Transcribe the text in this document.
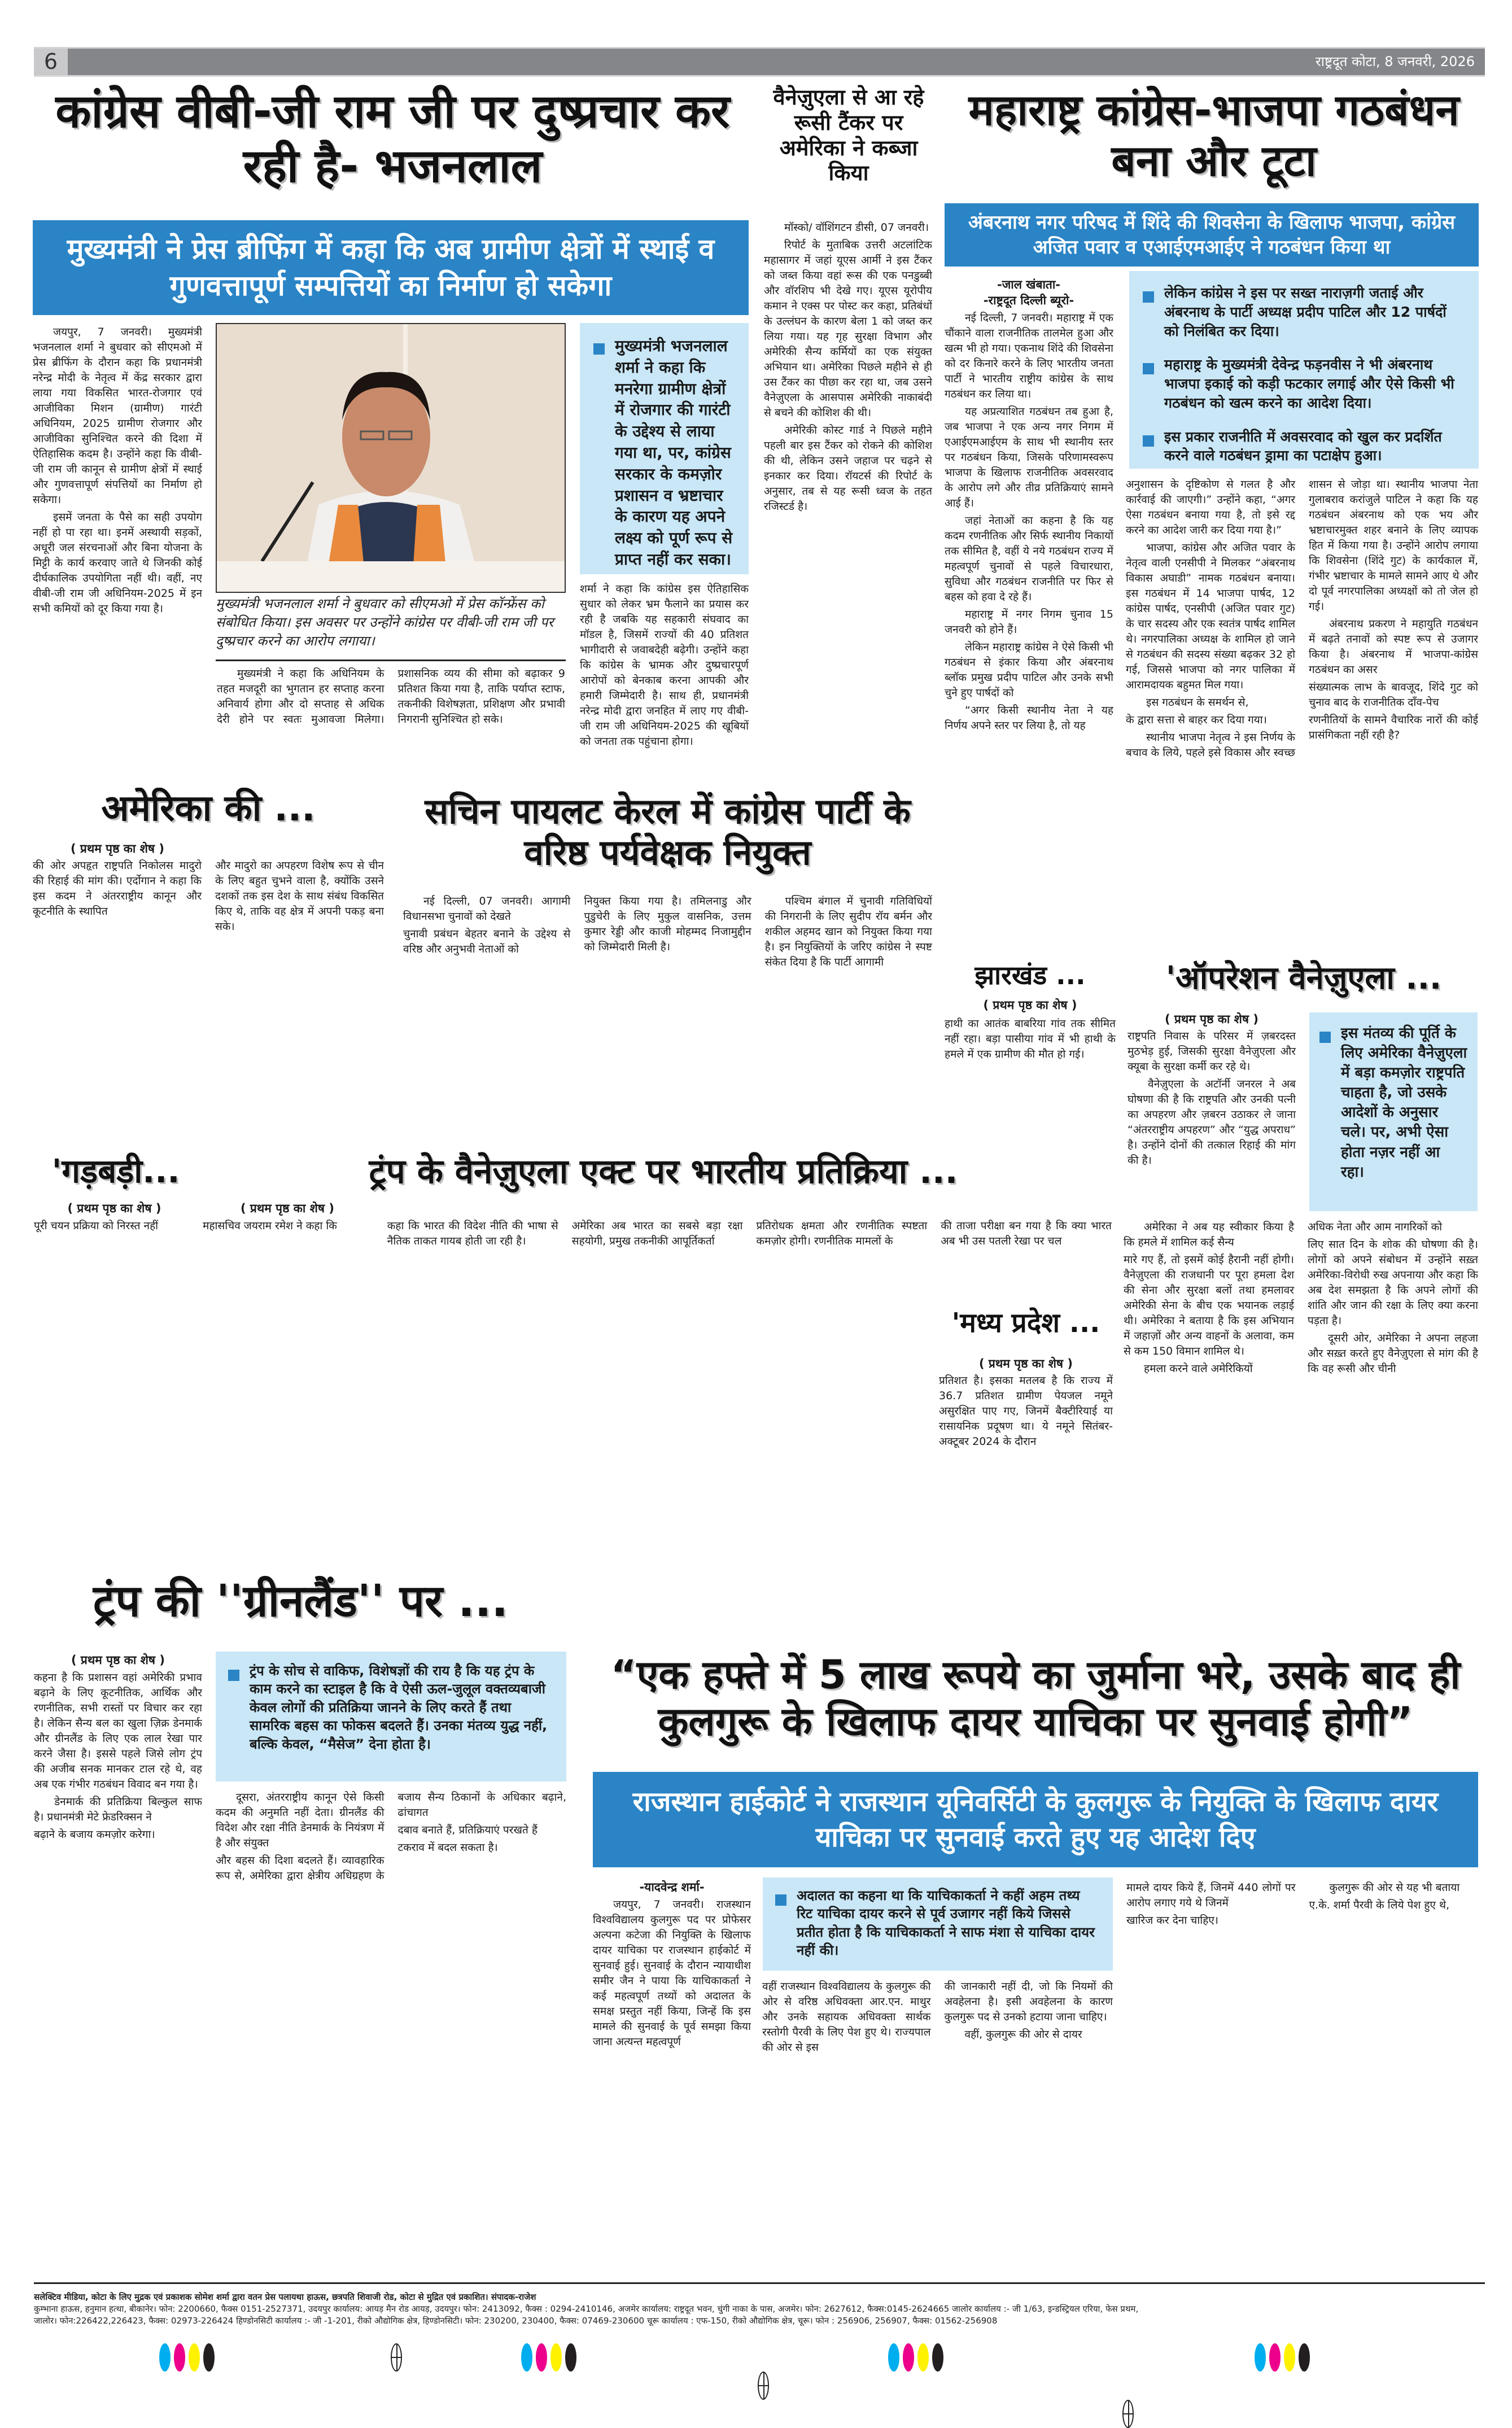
6	राष्ट्रदूत कोटा, 8 जनवरी, 2026
कांग्रेस वीबी-जी राम जी पर दुष्प्रचार कर रही है- भजनलाल
मुख्यमंत्री ने प्रेस ब्रीफिंग में कहा कि अब ग्रामीण क्षेत्रों में स्थाई व गुणवत्तापूर्ण सम्पत्तियों का निर्माण हो सकेगा

जयपुर, 7 जनवरी। मुख्यमंत्री भजनलाल शर्मा ने बुधवार को सीएमओ में प्रेस ब्रीफिंग के दौरान कहा कि प्रधानमंत्री नरेन्द्र मोदी के नेतृत्व में केंद्र सरकार द्वारा लाया गया विकसित भारत-रोजगार एवं आजीविका मिशन (ग्रामीण) गारंटी अधिनियम, 2025 ग्रामीण रोजगार और आजीविका सुनिश्चित करने की दिशा में ऐतिहासिक कदम है। उन्होंने कहा कि वीबी-जी राम जी कानून से ग्रामीण क्षेत्रों में स्थाई और गुणवत्तापूर्ण संपत्तियों का निर्माण हो सकेगा।

इसमें जनता के पैसे का सही उपयोग नहीं हो पा रहा था। इनमें अस्थायी सड़कों, अधूरी जल संरचनाओं और बिना योजना के मिट्टी के कार्य करवाए जाते थे जिनकी कोई दीर्घकालिक उपयोगिता नहीं थी। वहीं, नए वीबी-जी राम जी अधिनियम-2025 में इन सभी कमियों को दूर किया गया है।	मुख्यमंत्री भजनलाल शर्मा ने बुधवार को सीएमओ में प्रेस कॉन्फ्रेंस को संबोधित किया। इस अवसर पर उन्होंने कांग्रेस पर वीबी-जी राम जी पर दुष्प्रचार करने का आरोप लगाया।
मुख्यमंत्री भजनलाल शर्मा ने कहा कि मनरेगा ग्रामीण क्षेत्रों में रोजगार की गारंटी के उद्देश्य से लाया गया था, पर, कांग्रेस सरकार के कमज़ोर प्रशासन व भ्रष्टाचार के कारण यह अपने लक्ष्य को पूर्ण रूप से प्राप्त नहीं कर सका।

मुख्यमंत्री ने कहा कि अधिनियम के तहत मजदूरी का भुगतान हर सप्ताह करना अनिवार्य होगा और दो सप्ताह से अधिक देरी होने पर स्वतः मुआवजा मिलेगा। प्रशासनिक व्यय की सीमा को बढ़ाकर 9 प्रतिशत किया गया है, ताकि पर्याप्त स्टाफ, तकनीकी विशेषज्ञता, प्रशिक्षण और प्रभावी निगरानी सुनिश्चित हो सके।

शर्मा ने कहा कि कांग्रेस इस ऐतिहासिक सुधार को लेकर भ्रम फैलाने का प्रयास कर रही है जबकि यह सहकारी संघवाद का मॉडल है, जिसमें राज्यों की 40 प्रतिशत भागीदारी से जवाबदेही बढ़ेगी। उन्होंने कहा कि कांग्रेस के भ्रामक और दुष्प्रचारपूर्ण आरोपों को बेनकाब करना आपकी और हमारी जिम्मेदारी है। साथ ही, प्रधानमंत्री नरेन्द्र मोदी द्वारा जनहित में लाए गए वीबी-जी राम जी अधिनियम-2025 की खूबियों को जनता तक पहुंचाना होगा।

वैनेज़ुएला से आ रहे रूसी टैंकर पर अमेरिका ने कब्जा किया

मॉस्को/ वॉशिंगटन डीसी, 07 जनवरी।

रिपोर्ट के मुताबिक उत्तरी अटलांटिक महासागर में जहां यूएस आर्मी ने इस टैंकर को जब्त किया वहां रूस की एक पनडुब्बी और वॉरशिप भी देखे गए। यूएस यूरोपीय कमान ने एक्स पर पोस्ट कर कहा, प्रतिबंधों के उल्लंघन के कारण बेला 1 को जब्त कर लिया गया। यह गृह सुरक्षा विभाग और अमेरिकी सैन्य कर्मियों का एक संयुक्त अभियान था। अमेरिका पिछले महीने से ही उस टैंकर का पीछा कर रहा था, जब उसने वैनेज़ुएला के आसपास अमेरिकी नाकाबंदी से बचने की कोशिश की थी।

अमेरिकी कोस्ट गार्ड ने पिछले महीने पहली बार इस टैंकर को रोकने की कोशिश की थी, लेकिन उसने जहाज पर चढ़ने से इनकार कर दिया। रॉयटर्स की रिपोर्ट के अनुसार, तब से यह रूसी ध्वज के तहत रजिस्टर्ड है।

महाराष्ट्र कांग्रेस-भाजपा गठबंधन बना और टूटा
अंबरनाथ नगर परिषद में शिंदे की शिवसेना के खिलाफ भाजपा, कांग्रेस अजित पवार व एआईएमआईए ने गठबंधन किया था
-जाल खंबाता-
-राष्ट्रदूत दिल्ली ब्यूरो-	लेकिन कांग्रेस ने इस पर सख्त नाराज़गी जताई और अंबरनाथ के पार्टी अध्यक्ष प्रदीप पाटिल और 12 पार्षदों को निलंबित कर दिया।
महाराष्ट्र के मुख्यमंत्री देवेन्द्र फड़नवीस ने भी अंबरनाथ भाजपा इकाई को कड़ी फटकार लगाई और ऐसे किसी भी गठबंधन को खत्म करने का आदेश दिया।
इस प्रकार राजनीति में अवसरवाद को खुल कर प्रदर्शित करने वाले गठबंधन ड्रामा का पटाक्षेप हुआ।

नई दिल्ली, 7 जनवरी। महाराष्ट्र में एक चौंकाने वाला राजनीतिक तालमेल हुआ और खत्म भी हो गया। एकनाथ शिंदे की शिवसेना को दर किनारे करने के लिए भारतीय जनता पार्टी ने भारतीय राष्ट्रीय कांग्रेस के साथ गठबंधन कर लिया था।

यह अप्रत्याशित गठबंधन तब हुआ है, जब भाजपा ने एक अन्य नगर निगम में एआईएमआईएम के साथ भी स्थानीय स्तर पर गठबंधन किया, जिसके परिणामस्वरूप भाजपा के खिलाफ राजनीतिक अवसरवाद के आरोप लगे और तीव्र प्रतिक्रियाएं सामने आई हैं।

जहां नेताओं का कहना है कि यह कदम रणनीतिक और सिर्फ स्थानीय निकायों तक सीमित है, वहीं ये नये गठबंधन राज्य में महत्वपूर्ण चुनावों से पहले विचारधारा, सुविधा और गठबंधन राजनीति पर फिर से बहस को हवा दे रहे हैं।

महाराष्ट्र में नगर निगम चुनाव 15 जनवरी को होने हैं।

लेकिन महाराष्ट्र कांग्रेस ने ऐसे किसी भी गठबंधन से इंकार किया और अंबरनाथ ब्लॉक प्रमुख प्रदीप पाटिल और उनके सभी चुने हुए पार्षदों को

“अगर किसी स्थानीय नेता ने यह निर्णय अपने स्तर पर लिया है, तो यह

अनुशासन के दृष्टिकोण से गलत है और कार्रवाई की जाएगी।” उन्होंने कहा, “अगर ऐसा गठबंधन बनाया गया है, तो इसे रद्द करने का आदेश जारी कर दिया गया है।”

भाजपा, कांग्रेस और अजित पवार के नेतृत्व वाली एनसीपी ने मिलकर “अंबरनाथ विकास अघाडी” नामक गठबंधन बनाया। इस गठबंधन में 14 भाजपा पार्षद, 12 कांग्रेस पार्षद, एनसीपी (अजित पवार गुट) के चार सदस्य और एक स्वतंत्र पार्षद शामिल थे। नगरपालिका अध्यक्ष के शामिल हो जाने से गठबंधन की सदस्य संख्या बढ़कर 32 हो गई, जिससे भाजपा को नगर पालिका में आरामदायक बहुमत मिल गया।

इस गठबंधन के समर्थन से,

के द्वारा सत्ता से बाहर कर दिया गया।

स्थानीय भाजपा नेतृत्व ने इस निर्णय के बचाव के लिये, पहले इसे विकास और स्वच्छ शासन से जोड़ा था। स्थानीय भाजपा नेता गुलाबराव करांजुले पाटिल ने कहा कि यह गठबंधन अंबरनाथ को एक भय और भ्रष्टाचारमुक्त शहर बनाने के लिए व्यापक हित में किया गया है। उन्होंने आरोप लगाया कि शिवसेना (शिंदे गुट) के कार्यकाल में, गंभीर भ्रष्टाचार के मामले सामने आए थे और दो पूर्व नगरपालिका अध्यक्षों को तो जेल हो गई।

अंबरनाथ प्रकरण ने महायुति गठबंधन में बढ़ते तनावों को स्पष्ट रूप से उजागर किया है। अंबरनाथ में भाजपा-कांग्रेस गठबंधन का असर

संख्यात्मक लाभ के बावजूद, शिंदे गुट को चुनाव बाद के राजनीतिक दाँव-पेच

रणनीतियों के सामने वैचारिक नारों की कोई प्रासंगिकता नहीं रही है?

अमेरिका की ...
( प्रथम पृष्ठ का शेष )

की ओर अपहृत राष्ट्रपति निकोलस मादुरो की रिहाई की मांग की। एर्दोगान ने कहा कि इस कदम ने अंतरराष्ट्रीय कानून और कूटनीति के स्थापित

और मादुरो का अपहरण विशेष रूप से चीन के लिए बहुत चुभने वाला है, क्योंकि उसने दशकों तक इस देश के साथ संबंध विकसित किए थे, ताकि वह क्षेत्र में अपनी पकड़ बना सके।

सचिन पायलट केरल में कांग्रेस पार्टी के वरिष्ठ पर्यवेक्षक नियुक्त

नई दिल्ली, 07 जनवरी। आगामी विधानसभा चुनावों को देखते

चुनावी प्रबंधन बेहतर बनाने के उद्देश्य से वरिष्ठ और अनुभवी नेताओं को

नियुक्त किया गया है। तमिलनाडु और पुडुचेरी के लिए मुकुल वासनिक, उत्तम कुमार रेड्डी और काजी मोहम्मद निजामुद्दीन को जिम्मेदारी मिली है।

पश्चिम बंगाल में चुनावी गतिविधियों की निगरानी के लिए सुदीप रॉय बर्मन और शकील अहमद खान को नियुक्त किया गया है। इन नियुक्तियों के जरिए कांग्रेस ने स्पष्ट संकेत दिया है कि पार्टी आगामी	झारखंड ...
( प्रथम पृष्ठ का शेष )

हाथी का आतंक बाबरिया गांव तक सीमित नहीं रहा। बड़ा पासीया गांव में भी हाथी के हमले में एक ग्रामीण की मौत हो गई।

'ऑपरेशन वैनेज़ुएला ...
( प्रथम पृष्ठ का शेष )

राष्ट्रपति निवास के परिसर में ज़बरदस्त मुठभेड़ हुई, जिसकी सुरक्षा वैनेज़ुएला और क्यूबा के सुरक्षा कर्मी कर रहे थे।

वैनेज़ुएला के अटॉर्नी जनरल ने अब घोषणा की है कि राष्ट्रपति और उनकी पत्नी का अपहरण और ज़बरन उठाकर ले जाना “अंतरराष्ट्रीय अपहरण” और “युद्ध अपराध” है। उन्होंने दोनों की तत्काल रिहाई की मांग की है।

इस मंतव्य की पूर्ति के लिए अमेरिका वैनेज़ुएला में बड़ा कमज़ोर राष्ट्रपति चाहता है, जो उसके आदेशों के अनुसार चले। पर, अभी ऐसा होता नज़र नहीं आ रहा।

अमेरिका ने अब यह स्वीकार किया है कि हमले में शामिल कई सैन्य

मारे गए हैं, तो इसमें कोई हैरानी नहीं होगी। वैनेज़ुएला की राजधानी पर पूरा हमला देश की सेना और सुरक्षा बलों तथा हमलावर अमेरिकी सेना के बीच एक भयानक लड़ाई थी। अमेरिका ने बताया है कि इस अभियान में जहाज़ों और अन्य वाहनों के अलावा, कम से कम 150 विमान शामिल थे।

हमला करने वाले अमेरिकियों

अधिक नेता और आम नागरिकों को

लिए सात दिन के शोक की घोषणा की है। लोगों को अपने संबोधन में उन्होंने सख़्त अमेरिका-विरोधी रुख अपनाया और कहा कि अब देश समझता है कि अपने लोगों की शांति और जान की रक्षा के लिए क्या करना पड़ता है।

दूसरी ओर, अमेरिका ने अपना लहजा और सख़्त करते हुए वैनेज़ुएला से मांग की है कि वह रूसी और चीनी

'गड़बड़ी...
( प्रथम पृष्ठ का शेष )

पूरी चयन प्रक्रिया को निरस्त नहीं

ट्रंप के वैनेज़ुएला एक्ट पर भारतीय प्रतिक्रिया ...
( प्रथम पृष्ठ का शेष )

महासचिव जयराम रमेश ने कहा कि	कहा कि भारत की विदेश नीति की भाषा से नैतिक ताकत गायब होती जा रही है।

अमेरिका अब भारत का सबसे बड़ा रक्षा सहयोगी, प्रमुख तकनीकी आपूर्तिकर्ता

प्रतिरोधक क्षमता और रणनीतिक स्पष्टता कमज़ोर होगी। रणनीतिक मामलों के

की ताजा परीक्षा बन गया है कि क्या भारत अब भी उस पतली रेखा पर चल

'मध्य प्रदेश ...
( प्रथम पृष्ठ का शेष )

प्रतिशत है। इसका मतलब है कि राज्य में 36.7 प्रतिशत ग्रामीण पेयजल नमूने असुरक्षित पाए गए, जिनमें बैक्टीरियाई या रासायनिक प्रदूषण था। ये नमूने सितंबर-अक्टूबर 2024 के दौरान

ट्रंप की ''ग्रीनलैंड'' पर ...
( प्रथम पृष्ठ का शेष )

कहना है कि प्रशासन वहां अमेरिकी प्रभाव बढ़ाने के लिए कूटनीतिक, आर्थिक और रणनीतिक, सभी रास्तों पर विचार कर रहा है। लेकिन सैन्य बल का खुला ज़िक्र डेनमार्क और ग्रीनलैंड के लिए एक लाल रेखा पार करने जैसा है। इससे पहले जिसे लोग ट्रंप की अजीब सनक मानकर टाल रहे थे, वह अब एक गंभीर गठबंधन विवाद बन गया है।

डेनमार्क की प्रतिक्रिया बिल्कुल साफ है। प्रधानमंत्री मेटे फ्रेडरिक्सन ने

बढ़ाने के बजाय कमज़ोर करेगा।

ट्रंप के सोच से वाकिफ, विशेषज्ञों की राय है कि यह ट्रंप के काम करने का स्टाइल है कि वे ऐसी ऊल-जुलूल वक्तव्यबाजी केवल लोगों की प्रतिक्रिया जानने के लिए करते हैं तथा सामरिक बहस का फोकस बदलते हैं। उनका मंतव्य युद्ध नहीं, बल्कि केवल, “मैसेज” देना होता है।

दूसरा, अंतरराष्ट्रीय कानून ऐसे किसी कदम की अनुमति नहीं देता। ग्रीनलैंड की विदेश और रक्षा नीति डेनमार्क के नियंत्रण में है और संयुक्त

और बहस की दिशा बदलते हैं। व्यावहारिक रूप से, अमेरिका द्वारा क्षेत्रीय अधिग्रहण के बजाय सैन्य ठिकानों के अधिकार बढ़ाने, ढांचागत

दबाव बनाते हैं, प्रतिक्रियाएं परखते हैं

टकराव में बदल सकता है।

“एक हफ्ते में 5 लाख रूपये का जुर्माना भरे, उसके बाद ही कुलगुरू के खिलाफ दायर याचिका पर सुनवाई होगी”
राजस्थान हाईकोर्ट ने राजस्थान यूनिवर्सिटी के कुलगुरू के नियुक्ति के खिलाफ दायर याचिका पर सुनवाई करते हुए यह आदेश दिए
-यादवेन्द्र शर्मा-

जयपुर, 7 जनवरी। राजस्थान विश्वविद्यालय कुलगुरू पद पर प्रोफेसर अल्पना कटेजा की नियुक्ति के खिलाफ दायर याचिका पर राजस्थान हाईकोर्ट में सुनवाई हुई। सुनवाई के दौरान न्यायाधीश समीर जैन ने पाया कि याचिकाकर्ता ने कई महत्वपूर्ण तथ्यों को अदालत के समक्ष प्रस्तुत नहीं किया, जिन्हें कि इस मामले की सुनवाई के पूर्व समझा किया जाना अत्यन्त महत्वपूर्ण

अदालत का कहना था कि याचिकाकर्ता ने कहीं अहम तथ्य रिट याचिका दायर करने से पूर्व उजागर नहीं किये जिससे प्रतीत होता है कि याचिकाकर्ता ने साफ मंशा से याचिका दायर नहीं की।

वहीं राजस्थान विश्वविद्यालय के कुलगुरू की ओर से वरिष्ठ अधिवक्ता आर.एन. माथुर और उनके सहायक अधिवक्ता सार्थक रस्तोगी पैरवी के लिए पेश हुए थे। राज्यपाल की ओर से इस

की जानकारी नहीं दी, जो कि नियमों की अवहेलना है। इसी अवहेलना के कारण कुलगुरू पद से उनको हटाया जाना चाहिए।

वहीं, कुलगुरू की ओर से दायर

मामले दायर किये हैं, जिनमें 440 लोगों पर आरोप लगाए गये थे जिनमें

खारिज कर देना चाहिए।

कुलगुरू की ओर से यह भी बताया

ए.के. शर्मा पैरवी के लिये पेश हुए थे,

सलेक्टिव मीडिया, कोटा के लिए मुद्रक एवं प्रकाशक सोमेश शर्मा द्वारा वतन प्रेस पलायथा हाऊस, छत्रपति शिवाजी रोड, कोटा से मुद्रित एवं प्रकाशित। संपादक-राजेश
कुम्भाना हाऊस, हनुमान हत्था, बीकानेर। फोन: 2200660, फैक्स 0151-2527371, उदयपुर कार्यालय: आयड़ मैन रोड आयड़, उदयपुर। फोन: 2413092, फैक्स : 0294-2410146, अजमेर कार्यालय: राष्ट्रदूत भवन, चुंगी नाका के पास, अजमेर। फोन: 2627612, फैक्स:0145-2624665 जालोर कार्यालय :- जी 1/63, इन्डस्ट्रियल एरिया, फेस प्रथम,
जालोर। फोन:226422,226423, फैक्स: 02973-226424 हिण्डोनसिटी कार्यालय :- जी -1-201, रीको औद्योगिक क्षेत्र, हिण्डोनसिटी। फोन: 230200, 230400, फैक्स: 07469-230600 चूरू कार्यालय : एफ-150, रीको औद्योगिक क्षेत्र, चूरू। फोन : 256906, 256907, फैक्स: 01562-256908
